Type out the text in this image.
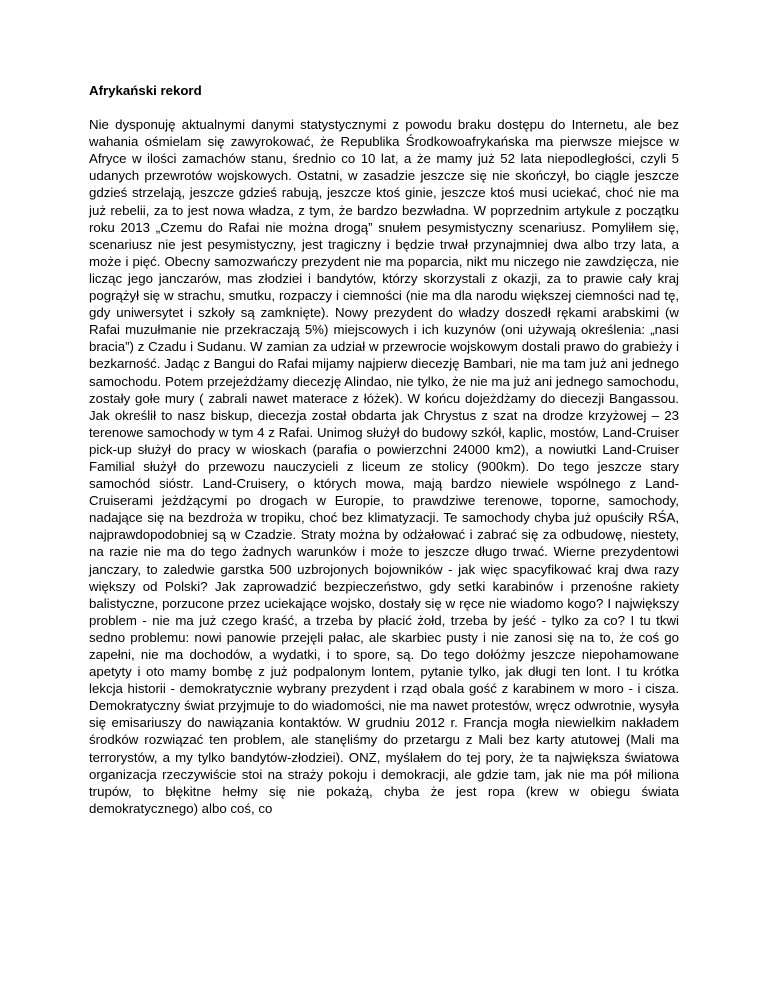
Afrykański rekord

Nie dysponuję aktualnymi danymi statystycznymi z powodu braku dostępu do Internetu, ale bez wahania ośmielam się zawyrokować, że Republika Środkowoafrykańska ma pierwsze miejsce w Afryce w ilości zamachów stanu, średnio co 10 lat, a że mamy już 52 lata niepodległości, czyli 5 udanych przewrotów wojskowych. Ostatni, w zasadzie jeszcze się nie skończył, bo ciągle jeszcze gdzieś strzelają, jeszcze gdzieś rabują, jeszcze ktoś ginie, jeszcze ktoś musi uciekać, choć nie ma już rebelii, za to jest nowa władza, z tym, że bardzo bezwładna. W poprzednim artykule z początku roku 2013 „Czemu do Rafai nie można drogą” snułem pesymistyczny scenariusz. Pomyliłem się, scenariusz nie jest pesymistyczny, jest tragiczny i będzie trwał przynajmniej dwa albo trzy lata, a może i pięć. Obecny samozwańczy prezydent nie ma poparcia, nikt mu niczego nie zawdzięcza, nie licząc jego janczarów, mas złodziei i bandytów, którzy skorzystali z okazji, za to prawie cały kraj pogrążył się w strachu, smutku, rozpaczy i ciemności (nie ma dla narodu większej ciemności nad tę, gdy uniwersytet i szkoły są zamknięte). Nowy prezydent do władzy doszedł rękami arabskimi (w Rafai muzułmanie nie przekraczają 5%) miejscowych i ich kuzynów (oni używają określenia: „nasi bracia”) z Czadu i Sudanu. W zamian za udział w przewrocie wojskowym dostali prawo do grabieży i bezkarność. Jadąc z Bangui do Rafai mijamy najpierw diecezję Bambari, nie ma tam już ani jednego samochodu. Potem przejeżdżamy diecezję Alindao, nie tylko, że nie ma już ani jednego samochodu, zostały gołe mury ( zabrali nawet materace z łóżek). W końcu dojeżdżamy do diecezji Bangassou. Jak określił to nasz biskup, diecezja został obdarta jak Chrystus z szat na drodze krzyżowej – 23 terenowe samochody w tym 4 z Rafai. Unimog służył do budowy szkół, kaplic, mostów, Land-Cruiser pick-up służył do pracy w wioskach (parafia o powierzchni 24000 km2), a nowiutki Land-Cruiser Familial służył do przewozu nauczycieli z liceum ze stolicy (900km). Do tego jeszcze stary samochód sióstr. Land-Cruisery, o których mowa, mają bardzo niewiele wspólnego z Land-Cruiserami jeżdżącymi po drogach w Europie, to prawdziwe terenowe, toporne, samochody, nadające się na bezdroża w tropiku, choć bez klimatyzacji. Te samochody chyba już opuściły RŚA, najprawdopodobniej są w Czadzie. Straty można by odżałować i zabrać się za odbudowę, niestety, na razie nie ma do tego żadnych warunków i może to jeszcze długo trwać. Wierne prezydentowi janczary, to zaledwie garstka 500 uzbrojonych bojowników - jak więc spacyfikować kraj dwa razy większy od Polski? Jak zaprowadzić bezpieczeństwo, gdy setki karabinów i przenośne rakiety balistyczne, porzucone przez uciekające wojsko, dostały się w ręce nie wiadomo kogo? I największy problem - nie ma już czego kraść, a trzeba by płacić żołd, trzeba by jeść - tylko za co? I tu tkwi sedno problemu: nowi panowie przejęli pałac, ale skarbiec pusty i nie zanosi się na to, że coś go zapełni, nie ma dochodów, a wydatki, i to spore, są. Do tego dołóżmy jeszcze niepohamowane apetyty i oto mamy bombę z już podpalonym lontem, pytanie tylko, jak długi ten lont. I tu krótka lekcja historii - demokratycznie wybrany prezydent i rząd obala gość z karabinem w moro - i cisza. Demokratyczny świat przyjmuje to do wiadomości, nie ma nawet protestów, wręcz odwrotnie, wysyła się emisariuszy do nawiązania kontaktów. W grudniu 2012 r. Francja mogła niewielkim nakładem środków rozwiązać ten problem, ale stanęliśmy do przetargu z Mali bez karty atutowej (Mali ma terrorystów, a my tylko bandytów-złodziei). ONZ, myślałem do tej pory, że ta największa światowa organizacja rzeczywiście stoi na straży pokoju i demokracji, ale gdzie tam, jak nie ma pół miliona trupów, to błękitne hełmy się nie pokażą, chyba że jest ropa (krew w obiegu świata demokratycznego) albo coś, co
